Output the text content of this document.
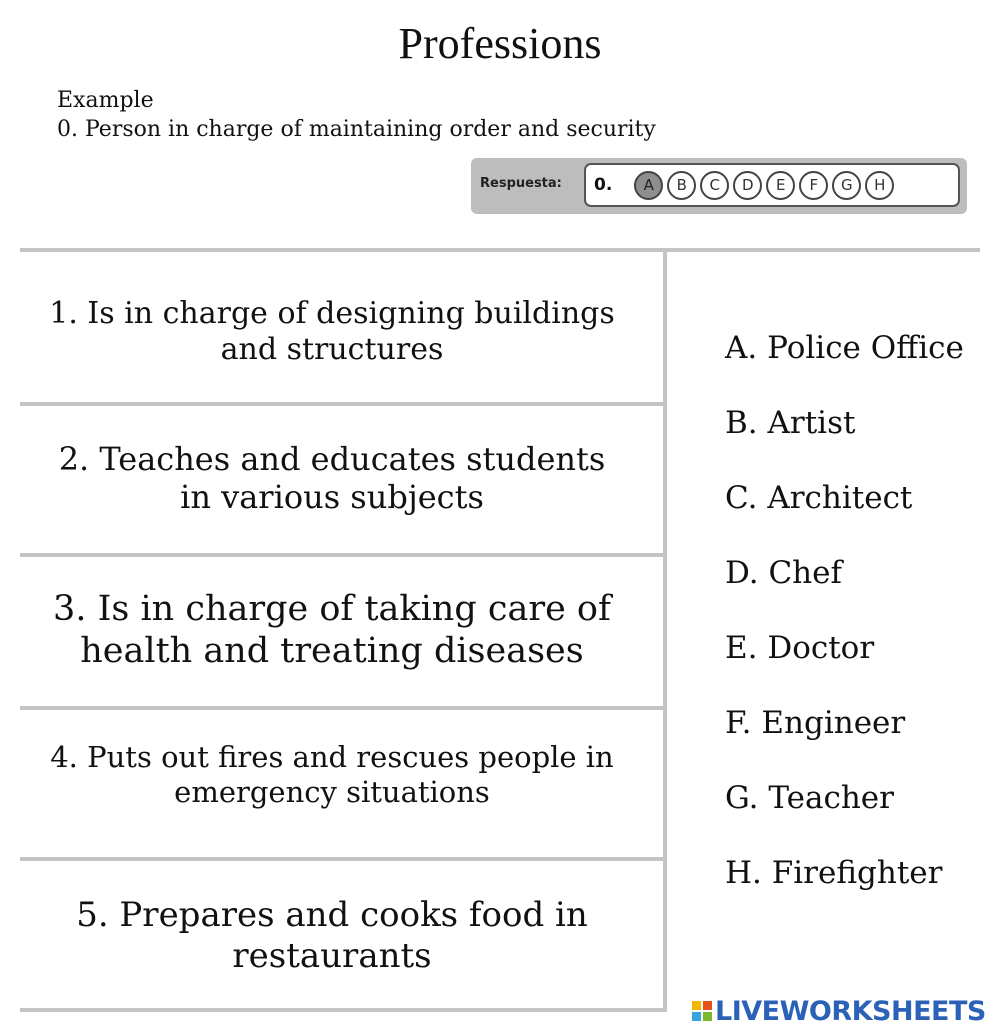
Professions
Example
0. Person in charge of maintaining order and security
Respuesta: 0.	A	B	C	D	E	F	G	H
1. Is in charge of designing buildings
and structures
2. Teaches and educates students
in various subjects
3. Is in charge of taking care of
health and treating diseases
4. Puts out fires and rescues people in
emergency situations
5. Prepares and cooks food in
restaurants
A. Police Office
B. Artist
C. Architect
D. Chef
E. Doctor
F. Engineer
G. Teacher
H. Firefighter
LIVEWORKSHEETS
